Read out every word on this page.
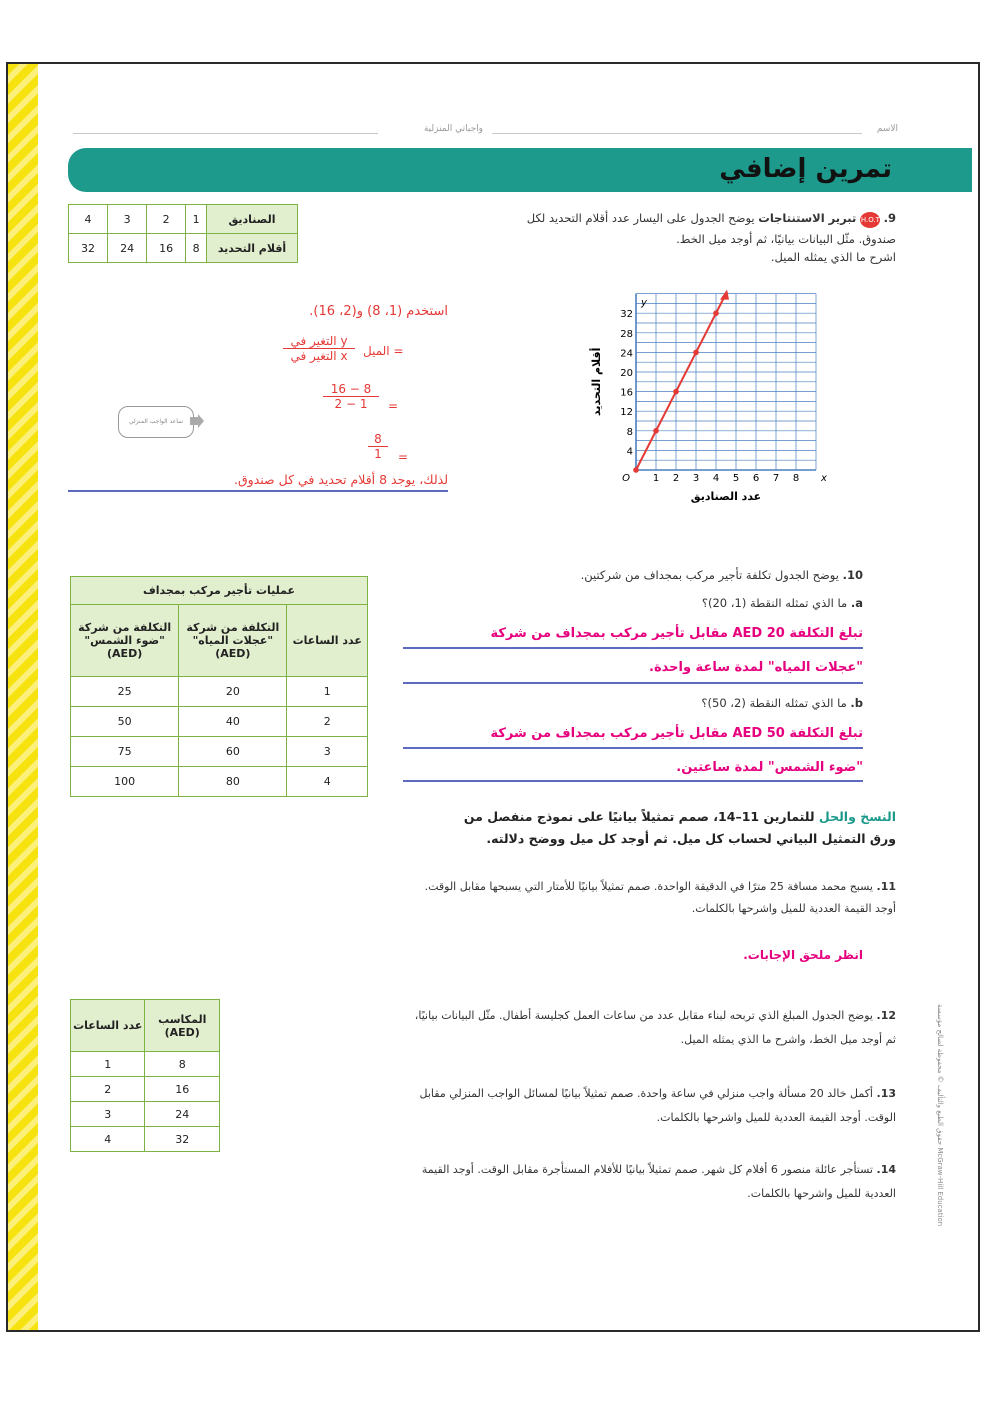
الاسم
واجباتي المنزلية
تمرين إضافي
الصناديق	1	2	3	4
أقلام التحديد	8	16	24	32
9. H.O.T. تبرير الاستنتاجات يوضح الجدول على اليسار عدد أقلام التحديد لكل
صندوق. مثّل البيانات بيانيًا، ثم أوجد ميل الخط.
اشرح ما الذي يمثله الميل.
استخدم (1، 8) و(2، 16).
الميل =
التغير في y
التغير في x
=
$\frac{16 - 8}{2 - 1}$
=
$\frac{8}{1}$
لذلك، يوجد 8 أقلام تحديد في كل صندوق.
ساعد الواجب المنزلي
1 2 3 4 5 6 7 8
4
8
12
16
20
24
28
32
O	x
y
عدد الصناديق
أقلام التحديد
10. يوضح الجدول تكلفة تأجير مركب بمجداف من شركتين.
a. ما الذي تمثله النقطة (1، 20)؟
تبلغ التكلفة AED 20 مقابل تأجير مركب بمجداف من شركة
"عجلات المياه" لمدة ساعة واحدة.
b. ما الذي تمثله النقطة (2، 50)؟
تبلغ التكلفة AED 50 مقابل تأجير مركب بمجداف من شركة
"ضوء الشمس" لمدة ساعتين.
عمليات تأجير مركب بمجداف		
عدد الساعات	التكلفة من شركة "عجلات المياه" (AED)	التكلفة من شركة "ضوء الشمس" (AED)
1	20	25
2	40	50
3	60	75
4	80	100
النسخ والحل للتمارين 11–14، صمم تمثيلاً بيانيًا على نموذج منفصل من
ورق التمثيل البياني لحساب كل ميل. ثم أوجد كل ميل ووضح دلالته.
11. يسبح محمد مسافة 25 مترًا في الدقيقة الواحدة. صمم تمثيلاً بيانيًا للأمتار التي يسبحها مقابل الوقت.
أوجد القيمة العددية للميل واشرحها بالكلمات.
انظر ملحق الإجابات.
12. يوضح الجدول المبلغ الذي تربحه لبناء مقابل عدد من ساعات العمل كجليسة أطفال. مثّل البيانات بيانيًا،
ثم أوجد ميل الخط، واشرح ما الذي يمثله الميل.
المكاسب (AED)	عدد الساعات
8	1
16	2
24	3
32	4
13. أكمل خالد 20 مسألة واجب منزلي في ساعة واحدة. صمم تمثيلاً بيانيًا لمسائل الواجب المنزلي مقابل
الوقت. أوجد القيمة العددية للميل واشرحها بالكلمات.
14. تستأجر عائلة منصور 6 أفلام كل شهر. صمم تمثيلاً بيانيًا للأفلام المستأجرة مقابل الوقت. أوجد القيمة
العددية للميل واشرحها بالكلمات.
حقوق الطبع والتأليف © محفوظة لصالح مؤسسة McGraw-Hill Education
